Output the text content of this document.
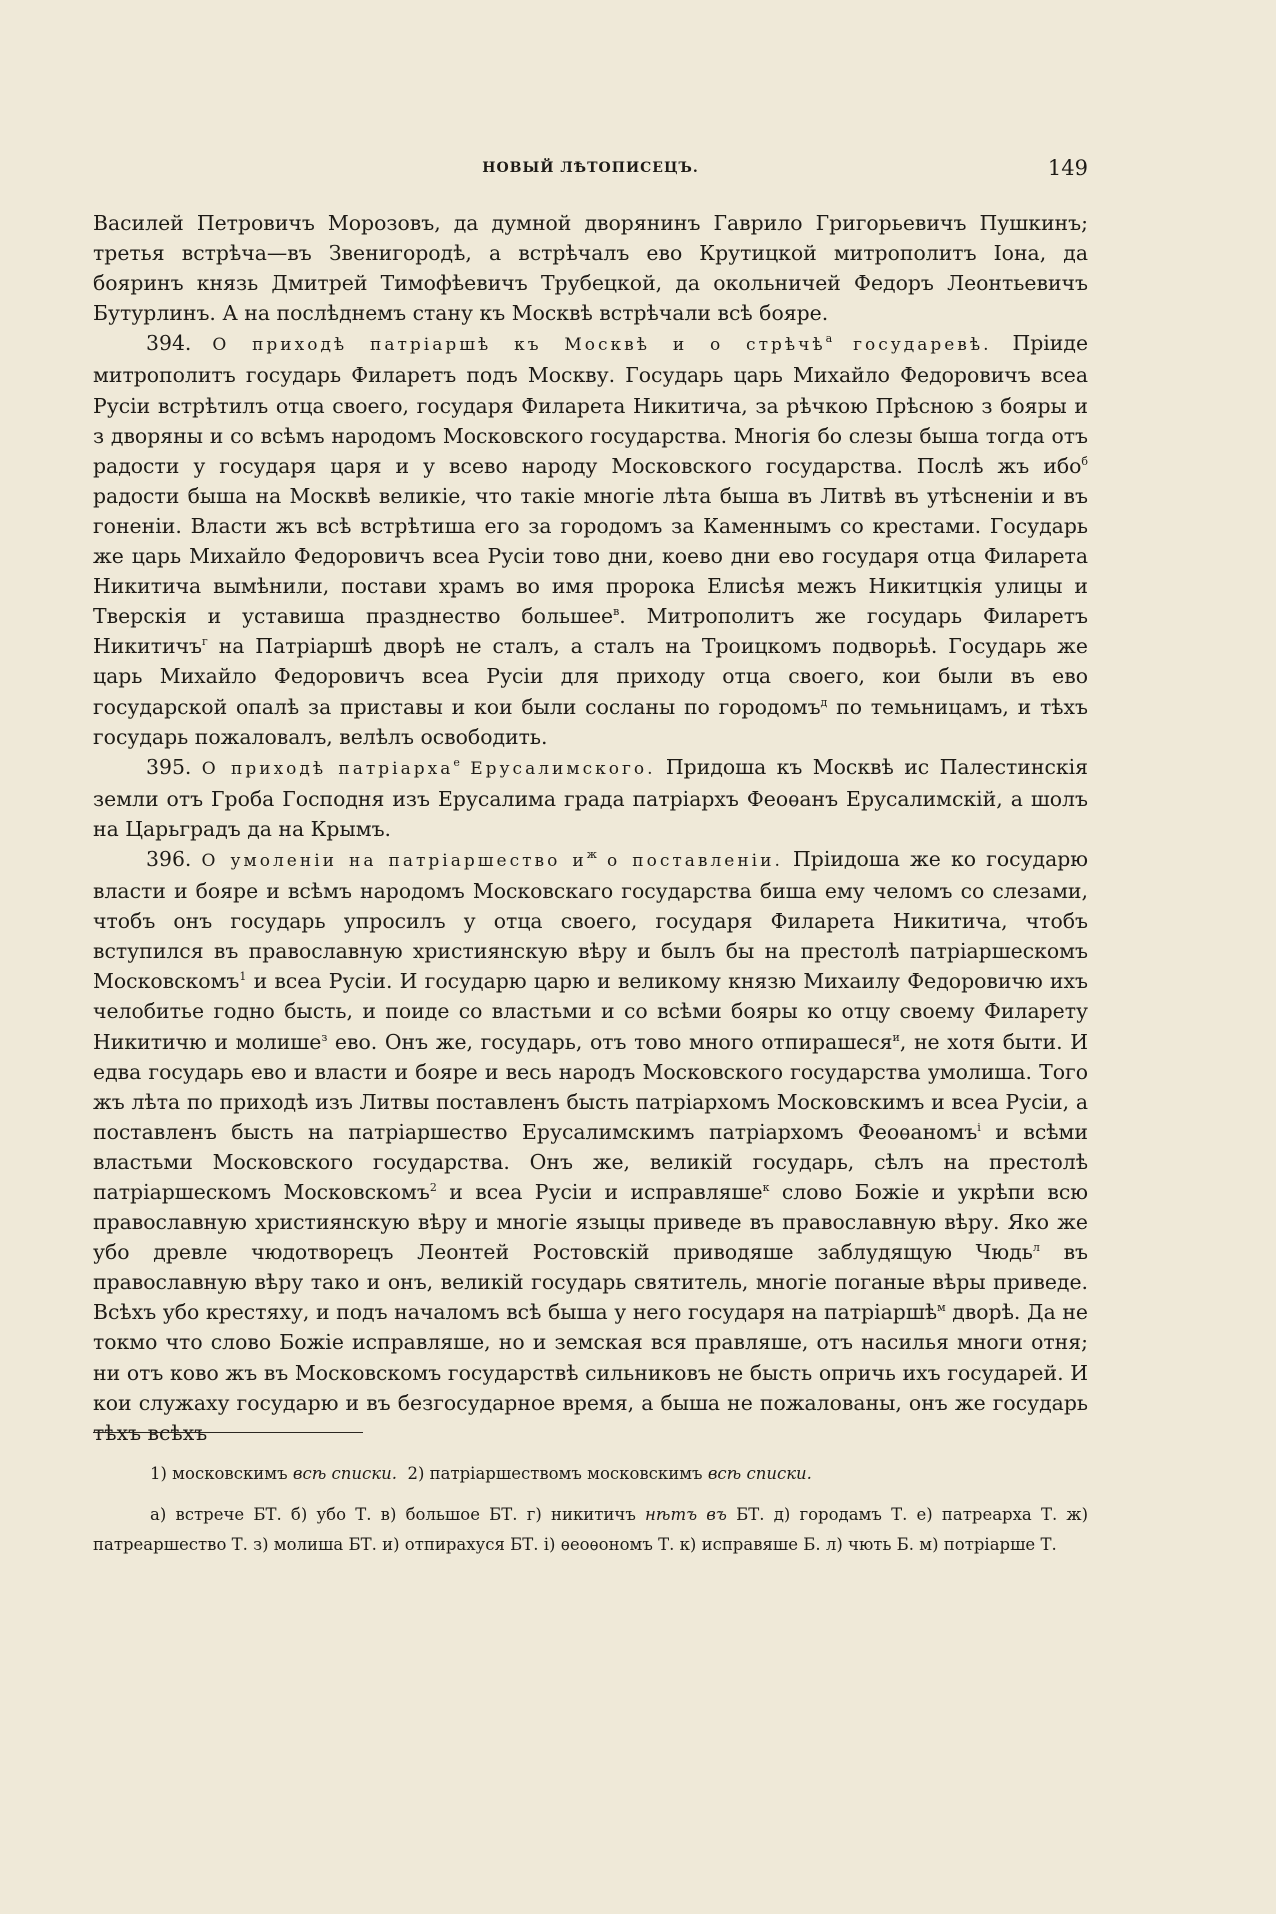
НОВЫЙ ЛѢТОПИСЕЦЪ.	149

Василей Петровичъ Морозовъ, да думной дворянинъ Гаврило Григорьевичъ Пушкинъ; третья встрѣча—въ Звенигородѣ, а встрѣчалъ ево Крутицкой митрополитъ Іона, да бояринъ князь Дмитрей Тимофѣевичъ Трубецкой, да окольничей Федоръ Леонтьевичъ Бутурлинъ. А на послѣднемъ стану къ Москвѣ встрѣчали всѣ бояре.

394. О приходѣ патріаршѣ къ Москвѣ и о стрѣчѣ$^а$ государевѣ. Пріиде митрополитъ государь Филаретъ подъ Москву. Государь царь Михайло Федоровичъ всеа Русіи встрѣтилъ отца своего, государя Филарета Никитича, за рѣчкою Прѣсною з бояры и з дворяны и со всѣмъ народомъ Московского государства. Многія бо слезы быша тогда отъ радости у государя царя и у всево народу Московского государства. Послѣ жъ ибо$^б$ радости быша на Москвѣ великіе, что такіе многіе лѣта быша въ Литвѣ въ утѣсненіи и въ гоненіи. Власти жъ всѣ встрѣтиша его за городомъ за Каменнымъ со крестами. Государь же царь Михайло Федоровичъ всеа Русіи тово дни, коево дни ево государя отца Филарета Никитича вымѣнили, постави храмъ во имя пророка Елисѣя межъ Никитцкія улицы и Тверскія и уставиша празднество большее$^в$. Митрополитъ же государь Филаретъ Никитичъ$^г$ на Патріаршѣ дворѣ не сталъ, а сталъ на Троицкомъ подворьѣ. Государь же царь Михайло Федоровичъ всеа Русіи для приходу отца своего, кои были въ ево государской опалѣ за приставы и кои были сосланы по городомъ$^д$ по темьницамъ, и тѣхъ государь пожаловалъ, велѣлъ освободить.

395. О приходѣ патріарха$^е$ Ерусалимского. Придоша къ Москвѣ ис Палестинскія земли отъ Гроба Господня изъ Ерусалима града патріархъ Феоѳанъ Ерусалимскій, а шолъ на Царьградъ да на Крымъ.

396. О умоленіи на патріаршество $и^ж$ о поставленіи. Пріидоша же ко государю власти и бояре и всѣмъ народомъ Московскаго государства биша ему челомъ со слезами, чтобъ онъ государь упросилъ у отца своего, государя Филарета Никитича, чтобъ вступился въ православную християнскую вѣру и былъ бы на престолѣ патріаршескомъ Московскомъ$^1$ и всеа Русіи. И государю царю и великому князю Михаилу Федоровичю ихъ челобитье годно бысть, и поиде со властьми и со всѣми бояры ко отцу своему Филарету Никитичю и молише$^з$ ево. Онъ же, государь, отъ тово много отпирашеся$^и$, не хотя быти. И едва государь ево и власти и бояре и весь народъ Московского государства умолиша. Того жъ лѣта по приходѣ изъ Литвы поставленъ бысть патріархомъ Московскимъ и всеа Русіи, а поставленъ бысть на патріаршество Ерусалимскимъ патріархомъ Феоѳаномъ$^і$ и всѣми властьми Московского государства. Онъ же, великій государь, сѣлъ на престолѣ патріаршескомъ Московскомъ$^2$ и всеа Русіи и исправляше$^к$ слово Божіе и укрѣпи всю православную християнскую вѣру и многіе языцы приведе въ православную вѣру. Яко же убо древле чюдотворецъ Леонтей Ростовскій приводяше заблудящую Чюдь$^л$ въ православную вѣру тако и онъ, великій государь святитель, многіе поганые вѣры приведе. Всѣхъ убо крестяху, и подъ началомъ всѣ быша у него государя на патріаршѣ$^м$ дворѣ. Да не токмо что слово Божіе исправляше, но и земская вся правляше, отъ насилья многи отня; ни отъ ково жъ въ Московскомъ государствѣ сильниковъ не бысть опричь ихъ государей. И кои служаху государю и въ безгосударное время, а быша не пожалованы, онъ же государь тѣхъ всѣхъ

1) московскимъ всѣ списки. 2) патріаршествомъ московскимъ всѣ списки.

а) встрече БТ. б) убо Т. в) большое БТ. г) никитичъ нѣтъ въ БТ. д) городамъ Т. е) патреарха Т. ж) патреаршество Т. з) молиша БТ. и) отпирахуся БТ. і) ѳеоѳономъ Т. к) исправяше Б. л) чють Б. м) потріарше Т.
